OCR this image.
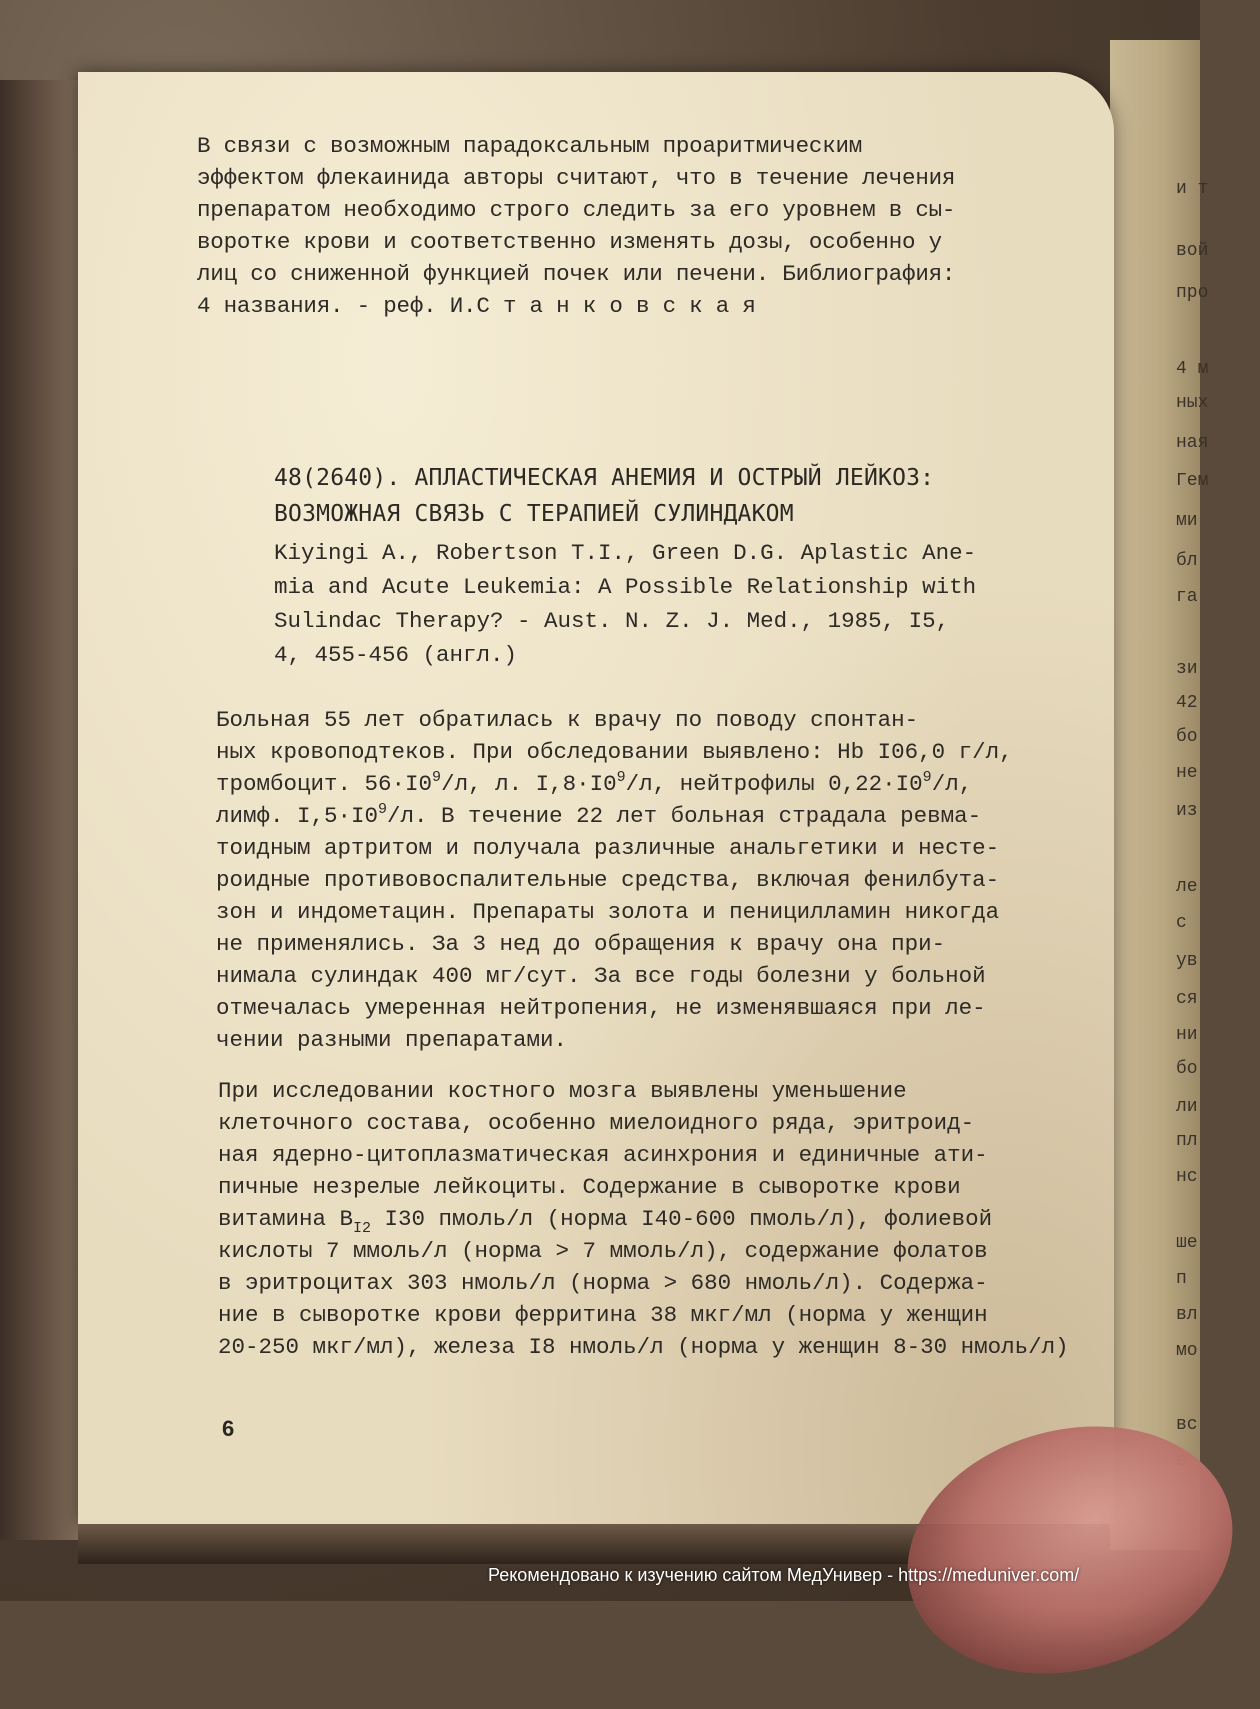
и т
вой
про
4 м
ных
ная
Гем
ми
бл
га
зи
42
бо
не
из
ле
с
ув
ся
ни
бо
ли
пл
нс
ше
п
вл
мо
вс
В связи с возможным парадоксальным проаритмическим
эффектом флекаинида авторы считают, что в течение лечения
препаратом необходимо строго следить за его уровнем в сы-
воротке крови и соответственно изменять дозы, особенно у
лиц со сниженной функцией почек или печени. Библиография:
4 названия. - реф. И.С т а н к о в с к а я
48(2640). АПЛАСТИЧЕСКАЯ АНЕМИЯ И ОСТРЫЙ ЛЕЙКОЗ:
ВОЗМОЖНАЯ СВЯЗЬ С ТЕРАПИЕЙ СУЛИНДАКОМ
Kiyingi A., Robertson T.I., Green D.G. Aplastic Ane-
mia and Acute Leukemia: A Possible Relationship with
Sulindac Therapy? - Aust. N. Z. J. Med., 1985, I5,
4, 455-456 (англ.)
Больная 55 лет обратилась к врачу по поводу спонтан-
ных кровоподтеков. При обследовании выявлено: Hb I06,0 г/л,
тромбоцит. $56\cdot I0^9/л$, л. $I,8\cdot I0^9/л$, нейтрофилы $0,22\cdot I0^9/л$,
лимф. $I,5\cdot I0^9/л$. В течение 22 лет больная страдала ревма-
тоидным артритом и получала различные анальгетики и несте-
роидные противовоспалительные средства, включая фенилбута-
зон и индометацин. Препараты золота и пеницилламин никогда
не применялись. За 3 нед до обращения к врачу она при-
нимала сулиндак 400 мг/сут. За все годы болезни у больной
отмечалась умеренная нейтропения, не изменявшаяся при ле-
чении разными препаратами.
При исследовании костного мозга выявлены уменьшение
клеточного состава, особенно миелоидного ряда, эритроид-
ная ядерно-цитоплазматическая асинхрония и единичные ати-
пичные незрелые лейкоциты. Содержание в сыворотке крови
витамина $B_{I2}$ I30 пмоль/л (норма I40-600 пмоль/л), фолиевой
кислоты 7 ммоль/л (норма > 7 ммоль/л), содержание фолатов
в эритроцитах 303 нмоль/л (норма > 680 нмоль/л). Содержа-
ние в сыворотке крови ферритина 38 мкг/мл (норма у женщин
20-250 мкг/мл), железа I8 нмоль/л (норма у женщин 8-30 нмоль/л)
6
Рекомендовано к изучению сайтом МедУнивер - https://meduniver.com/
